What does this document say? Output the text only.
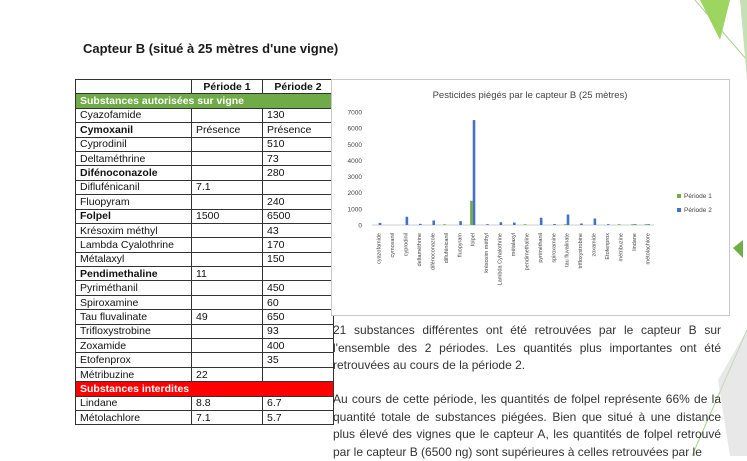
Capteur B (situé à 25 mètres d'une vigne)
	Période 1	Période 2
Substances autorisées sur vigne		
Cyazofamide		130
Cymoxanil	Présence	Présence
Cyprodinil		510
Deltaméthrine		73
Difénoconazole		280
Diflufénicanil	7.1	
Fluopyram		240
Folpel	1500	6500
Krésoxim méthyl		43
Lambda Cyalothrine		170
Métalaxyl		150
Pendimethaline	11	
Pyriméthanil		450
Spiroxamine		60
Tau fluvalinate	49	650
Trifloxystrobine		93
Zoxamide		400
Etofenprox		35
Métribuzine	22	
Substances interdites		
Lindane	8.8	6.7
Métolachlore	7.1	5.7
Pesticides piégés par le capteur B (25 mètres)
0
1000
2000
3000
4000
5000
6000
7000
cyazofamide cymoxanil cyprodinil deltaméthrine difénoconazole diflufénicanil fluopyram folpel krésoxim méthyl Lambda Cyhalothrine métalaxyl pendimethaline pyriméthanil spiroxamine tau fluvalinate trifloxystrobine zoxamide Etofenprox métribuzine lindane métolachlore
Période 1
Période 2
21 substances différentes ont été retrouvées par le capteur B sur l'ensemble des 2 périodes. Les quantités plus importantes ont été retrouvées au cours de la période 2.
Au cours de cette période, les quantités de folpel représente 66% de la quantité totale de substances piégées. Bien que situé à une distance plus élevé des vignes que le capteur A, les quantités de folpel retrouvé par le capteur B (6500 ng) sont supérieures à celles retrouvées par le
